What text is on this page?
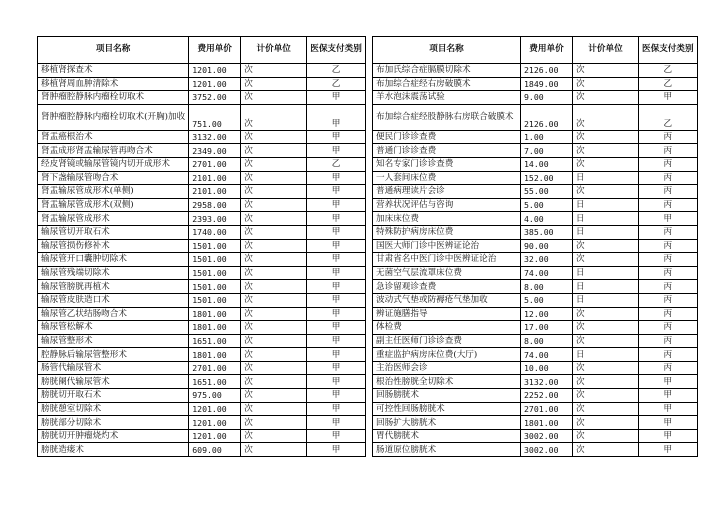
项目名称	费用单价	计价单位	医保支付类别
移植肾探查术	1201.00	次	乙
移植肾周血肿清除术	1201.00	次	乙
肾肿瘤腔静脉内瘤栓切取术	3752.00	次	甲
肾肿瘤腔静脉内瘤栓切取术(开胸)加收	751.00	次	甲
肾盂癌根治术	3132.00	次	甲
肾盂成形肾盂输尿管再吻合术	2349.00	次	甲
经皮肾镜或输尿管镜内切开成形术	2701.00	次	乙
肾下盏输尿管吻合术	2101.00	次	甲
肾盂输尿管成形术(单侧)	2101.00	次	甲
肾盂输尿管成形术(双侧)	2958.00	次	甲
肾盂输尿管成形术	2393.00	次	甲
输尿管切开取石术	1740.00	次	甲
输尿管损伤修补术	1501.00	次	甲
输尿管开口囊肿切除术	1501.00	次	甲
输尿管残端切除术	1501.00	次	甲
输尿管膀胱再植术	1501.00	次	甲
输尿管皮肤造口术	1501.00	次	甲
输尿管乙状结肠吻合术	1801.00	次	甲
输尿管松解术	1801.00	次	甲
输尿管整形术	1651.00	次	甲
腔静脉后输尿管整形术	1801.00	次	甲
肠管代输尿管术	2701.00	次	甲
膀胱阑代输尿管术	1651.00	次	甲
膀胱切开取石术	975.00	次	甲
膀胱憩室切除术	1201.00	次	甲
膀胱部分切除术	1201.00	次	甲
膀胱切开肿瘤烧灼术	1201.00	次	甲
膀胱造瘘术	609.00	次	甲
项目名称	费用单价	计价单位	医保支付类别
布加氏综合症膈膜切除术	2126.00	次	乙
布加综合症经右房破膜术	1849.00	次	乙
羊水泡沫震荡试验	9.00	次	甲
布加综合症经股静脉右房联合破膜术	2126.00	次	乙
便民门诊诊查费	1.00	次	丙
普通门诊诊查费	7.00	次	丙
知名专家门诊诊查费	14.00	次	丙
一人套间床位费	152.00	日	丙
普通病理读片会诊	55.00	次	丙
营养状况评估与咨询	5.00	日	丙
加床床位费	4.00	日	甲
特殊防护病房床位费	385.00	日	丙
国医大师门诊中医辨证论治	90.00	次	丙
甘肃省名中医门诊中医辨证论治	32.00	次	丙
无菌空气层流罩床位费	74.00	日	丙
急诊留观诊查费	8.00	日	丙
波动式气垫或防褥疮气垫加收	5.00	日	丙
辨证施膳指导	12.00	次	丙
体检费	17.00	次	丙
副主任医师门诊诊查费	8.00	次	丙
重症监护病房床位费(大厅)	74.00	日	丙
主治医师会诊	10.00	次	丙
根治性膀胱全切除术	3132.00	次	甲
回肠膀胱术	2252.00	次	甲
可控性回肠膀胱术	2701.00	次	甲
回肠扩大膀胱术	1801.00	次	甲
胃代膀胱术	3002.00	次	甲
肠道原位膀胱术	3002.00	次	甲
